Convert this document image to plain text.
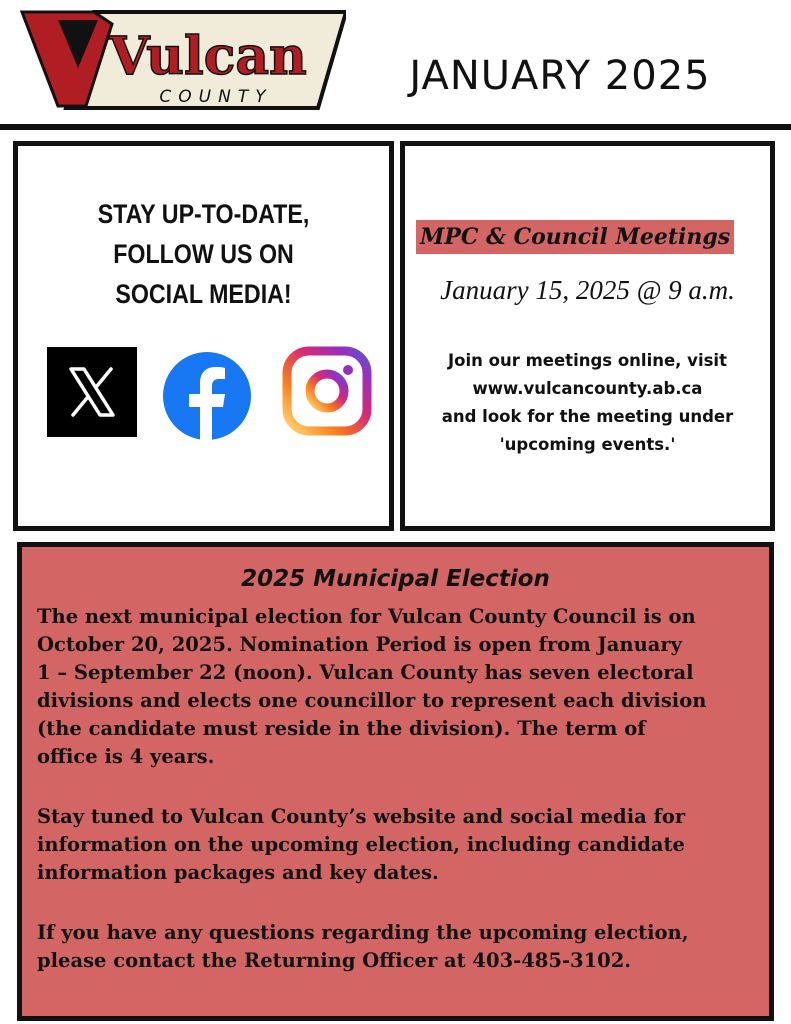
Vulcan
COUNTY	JANUARY 2025
STAY UP-TO-DATE,
FOLLOW US ON
SOCIAL MEDIA!
MPC & Council Meetings
January 15, 2025 @ 9 a.m.
Join our meetings online, visit
www.vulcancounty.ab.ca
and look for the meeting under
'upcoming events.'
2025 Municipal Election
The next municipal election for Vulcan County Council is on
October 20, 2025. Nomination Period is open from January
1 – September 22 (noon). Vulcan County has seven electoral
divisions and elects one councillor to represent each division
(the candidate must reside in the division). The term of
office is 4 years.
Stay tuned to Vulcan County’s website and social media for
information on the upcoming election, including candidate
information packages and key dates.
If you have any questions regarding the upcoming election,
please contact the Returning Officer at 403-485-3102.
